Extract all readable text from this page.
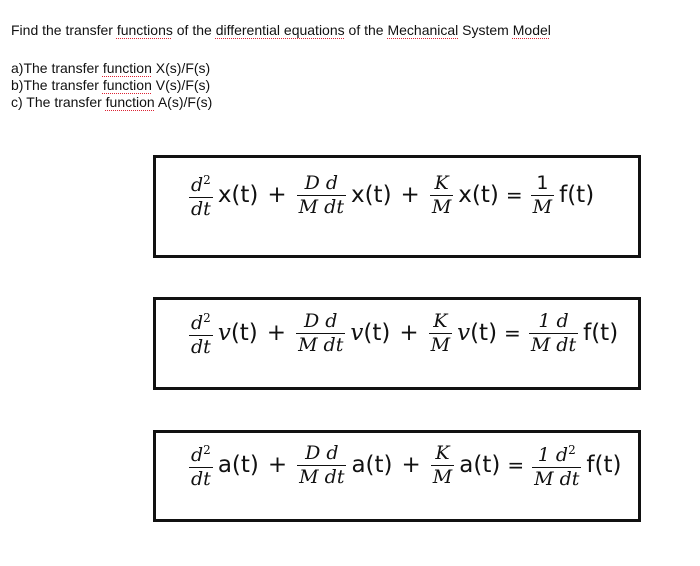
Find the transfer functions of the differential equations of the Mechanical System Model
a)The transfer function X(s)/F(s)
b)The transfer function V(s)/F(s)
c) The transfer function A(s)/F(s)
$\frac{d^2}{dt} x(t) + \frac{\text{D d}}{\text{M dt}} x(t) + \frac{K}{M} x(t) = \frac{1}{M} f(t)$
$\frac{d^2}{dt} v(t) + \frac{\text{D d}}{\text{M dt}} v(t) + \frac{K}{M} v(t) = \frac{1 d}{\text{M dt}} f(t)$
$\frac{d^2}{dt} a(t) + \frac{\text{D d}}{\text{M dt}} a(t) + \frac{K}{M} a(t) = \frac{1 d^2}{\text{M dt}} f(t)$
